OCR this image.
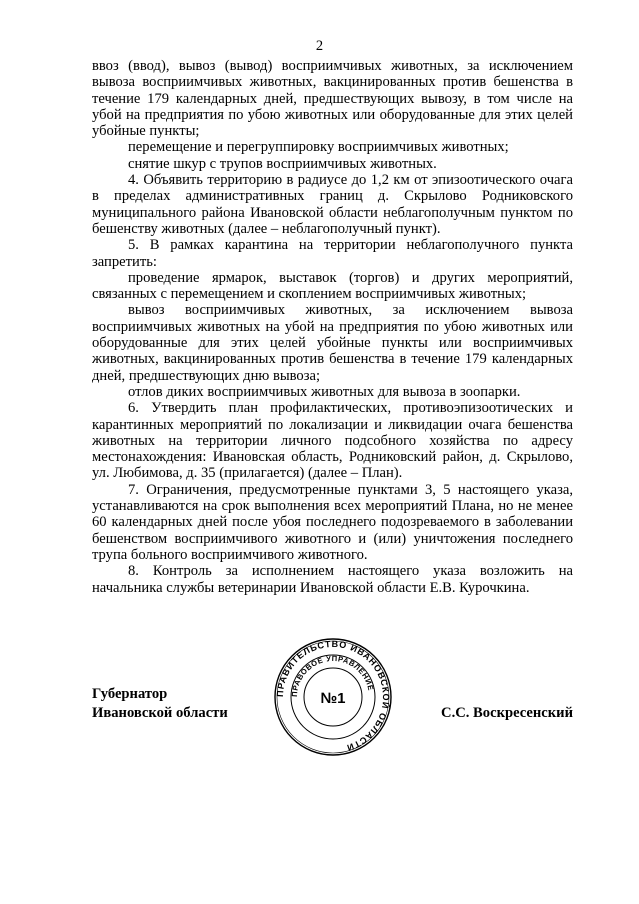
2

ввоз (ввод), вывоз (вывод) восприимчивых животных, за исключением вывоза восприимчивых животных, вакцинированных против бешенства в течение 179 календарных дней, предшествующих вывозу, в том числе на убой на предприятия по убою животных или оборудованные для этих целей убойные пункты;

перемещение и перегруппировку восприимчивых животных;

снятие шкур с трупов восприимчивых животных.

4. Объявить территорию в радиусе до 1,2 км от эпизоотического очага в пределах административных границ д. Скрылово Родниковского муниципального района Ивановской области неблагополучным пунктом по бешенству животных (далее – неблагополучный пункт).

5. В рамках карантина на территории неблагополучного пункта запретить:

проведение ярмарок, выставок (торгов) и других мероприятий, связанных с перемещением и скоплением восприимчивых животных;

вывоз восприимчивых животных, за исключением вывоза восприимчивых животных на убой на предприятия по убою животных или оборудованные для этих целей убойные пункты или восприимчивых животных, вакцинированных против бешенства в течение 179 календарных дней, предшествующих дню вывоза;

отлов диких восприимчивых животных для вывоза в зоопарки.

6. Утвердить план профилактических, противоэпизоотических и карантинных мероприятий по локализации и ликвидации очага бешенства животных на территории личного подсобного хозяйства по адресу местонахождения: Ивановская область, Родниковский район, д. Скрылово, ул. Любимова, д. 35 (прилагается) (далее – План).

7. Ограничения, предусмотренные пунктами 3, 5 настоящего указа, устанавливаются на срок выполнения всех мероприятий Плана, но не менее 60 календарных дней после убоя последнего подозреваемого в заболевании бешенством восприимчивого животного и (или) уничтожения последнего трупа больного восприимчивого животного.

8. Контроль за исполнением настоящего указа возложить на начальника службы ветеринарии Ивановской области Е.В. Курочкина.

Губернатор
Ивановской области
ПРАВИТЕЛЬСТВО ИВАНОВСКОЙ ОБЛАСТИ
ПРАВОВОЕ УПРАВЛЕНИЕ
№1
С.С. Воскресенский
